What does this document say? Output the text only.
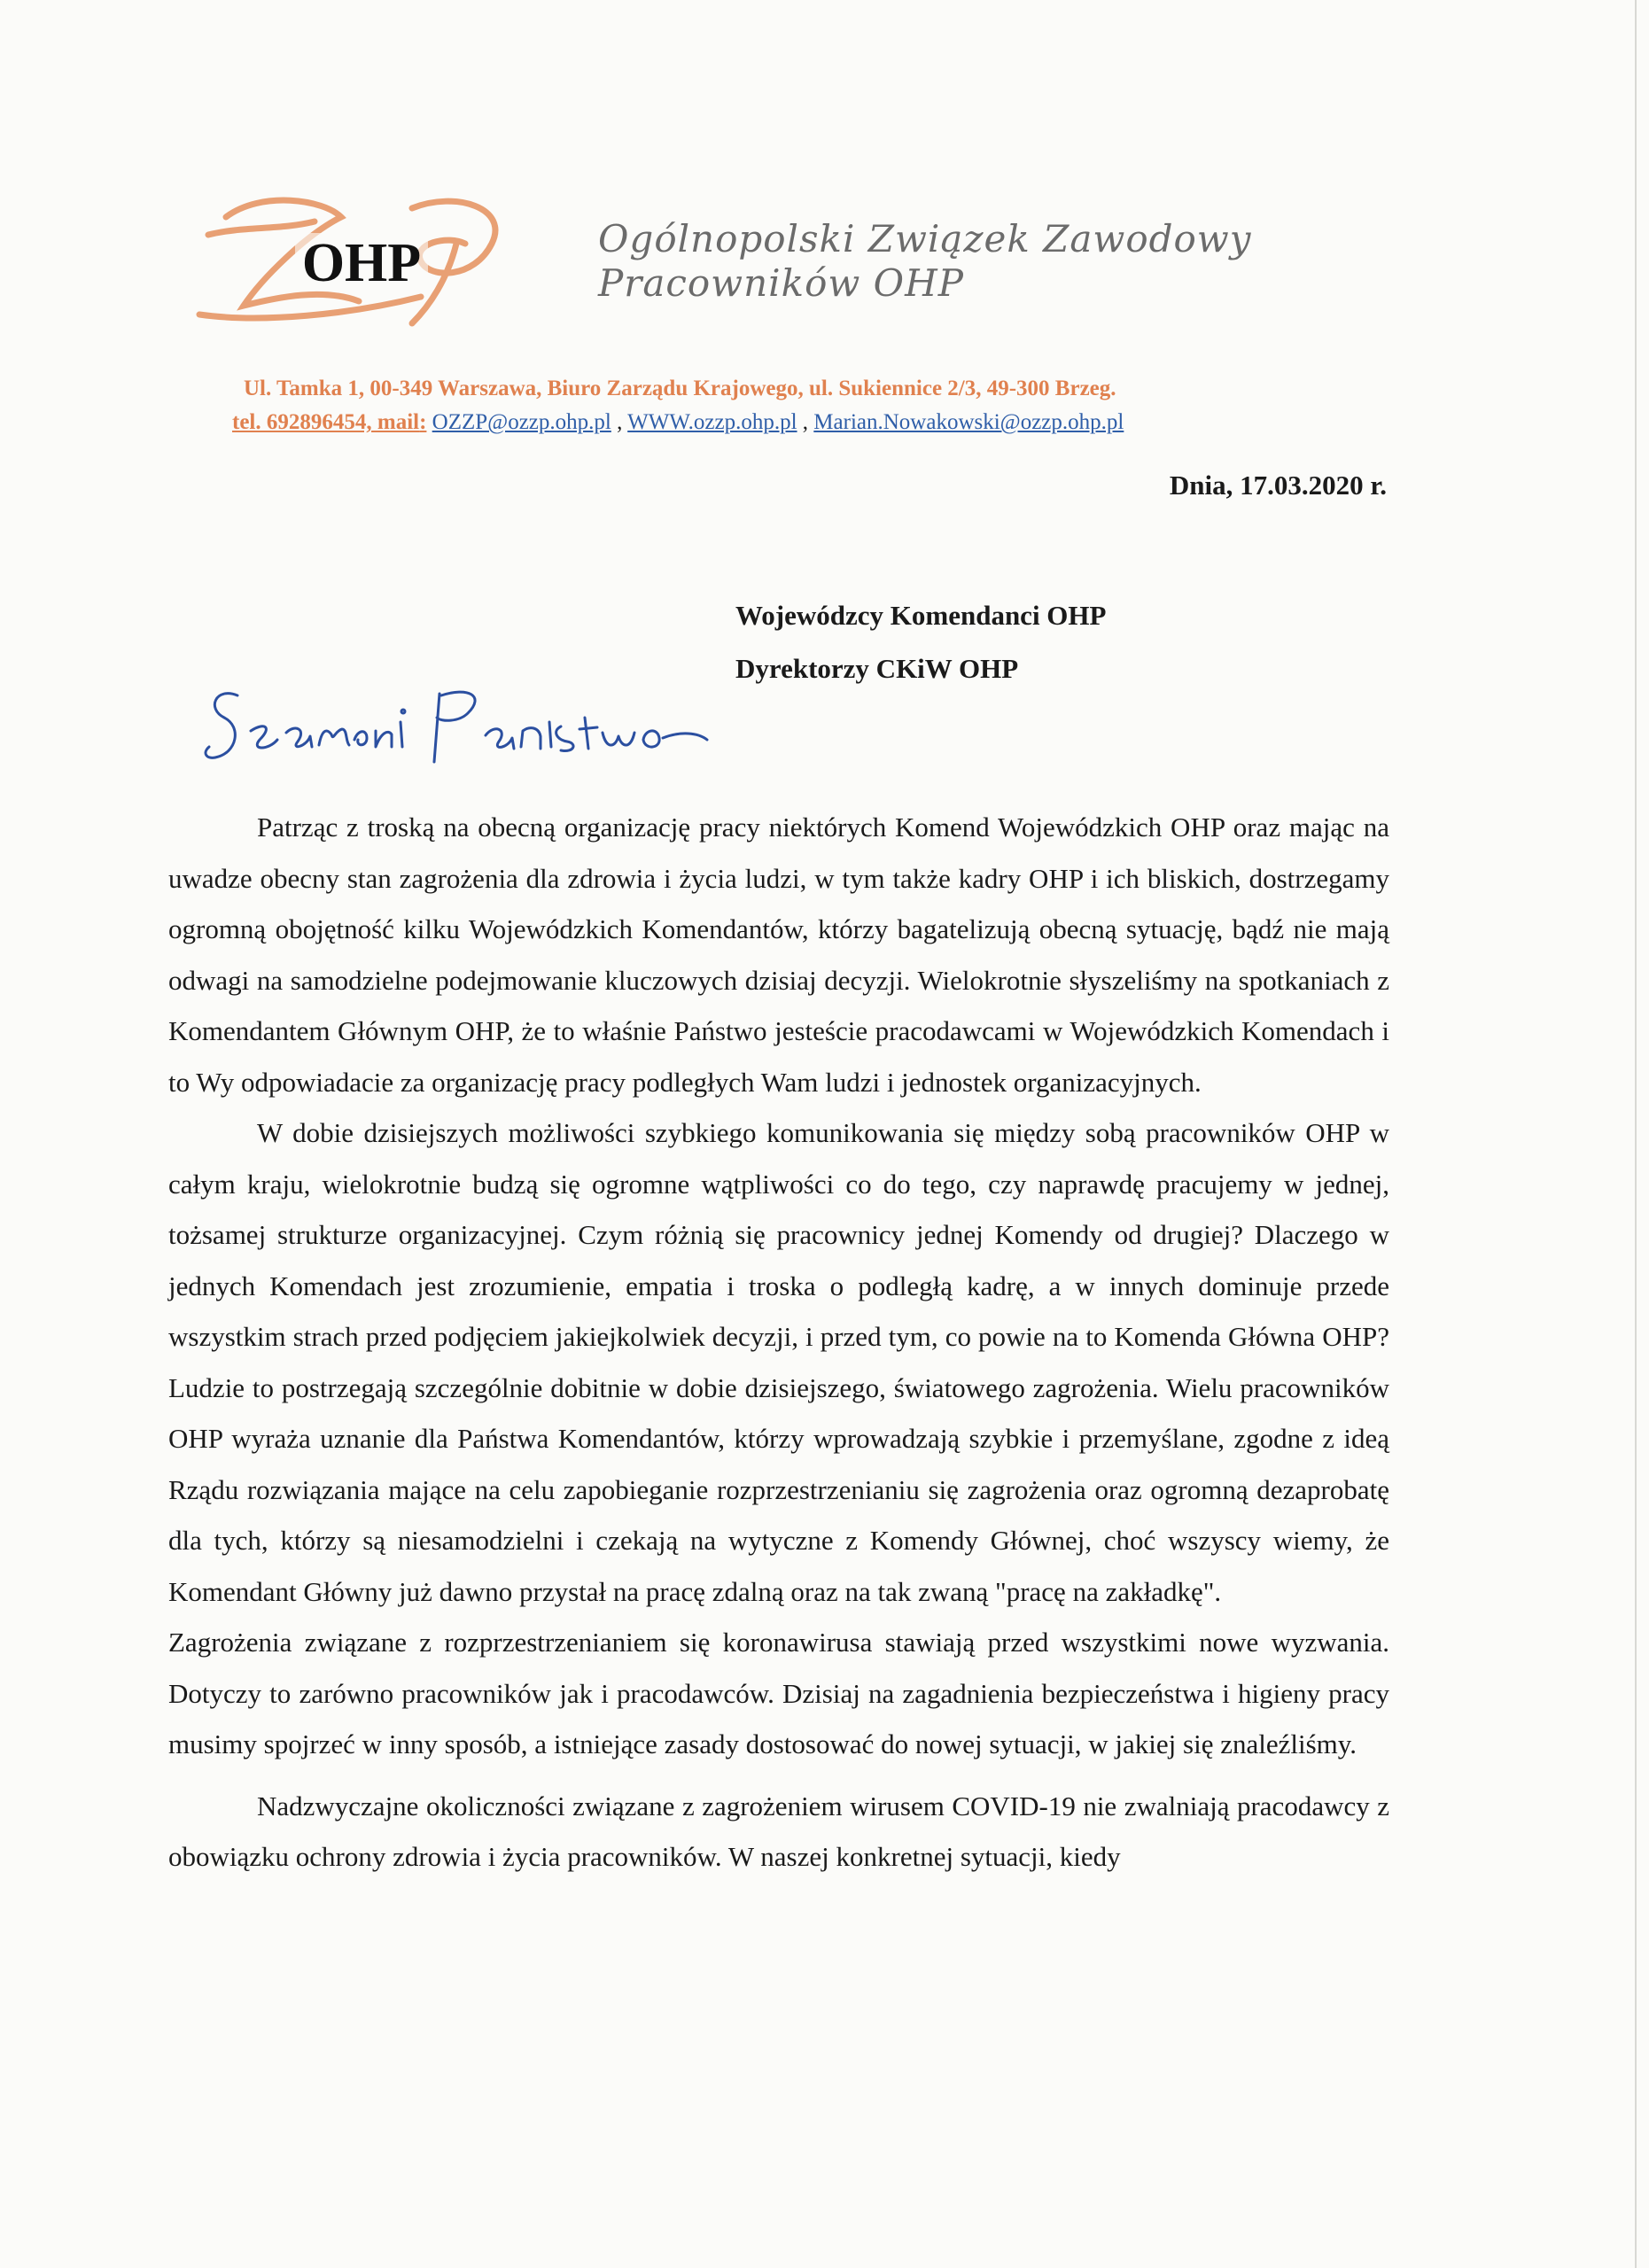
OHP	Ogólnopolski Związek Zawodowy
Pracowników OHP
Ul. Tamka 1, 00-349 Warszawa, Biuro Zarządu Krajowego, ul. Sukiennice 2/3, 49-300 Brzeg.
tel. 692896454, mail: OZZP@ozzp.ohp.pl , WWW.ozzp.ohp.pl , Marian.Nowakowski@ozzp.ohp.pl
Dnia, 17.03.2020 r.
Wojewódzcy Komendanci OHP
Dyrektorzy CKiW OHP

Patrząc z troską na obecną organizację pracy niektórych Komend Wojewódzkich OHP oraz mając na uwadze obecny stan zagrożenia dla zdrowia i życia ludzi, w tym także kadry OHP i ich bliskich, dostrzegamy ogromną obojętność kilku Wojewódzkich Komendantów, którzy bagatelizują obecną sytuację, bądź nie mają odwagi na samodzielne podejmowanie kluczowych dzisiaj decyzji. Wielokrotnie słyszeliśmy na spotkaniach z Komendantem Głównym OHP, że to właśnie Państwo jesteście pracodawcami w Wojewódzkich Komendach i to Wy odpowiadacie za organizację pracy podległych Wam ludzi i jednostek organizacyjnych.

W dobie dzisiejszych możliwości szybkiego komunikowania się między sobą pracowników OHP w całym kraju, wielokrotnie budzą się ogromne wątpliwości co do tego, czy naprawdę pracujemy w jednej, tożsamej strukturze organizacyjnej. Czym różnią się pracownicy jednej Komendy od drugiej? Dlaczego w jednych Komendach jest zrozumienie, empatia i troska o podległą kadrę, a w innych dominuje przede wszystkim strach przed podjęciem jakiejkolwiek decyzji, i przed tym, co powie na to Komenda Główna OHP? Ludzie to postrzegają szczególnie dobitnie w dobie dzisiejszego, światowego zagrożenia. Wielu pracowników OHP wyraża uznanie dla Państwa Komendantów, którzy wprowadzają szybkie i przemyślane, zgodne z ideą Rządu rozwiązania mające na celu zapobieganie rozprzestrzenianiu się zagrożenia oraz ogromną dezaprobatę dla tych, którzy są niesamodzielni i czekają na wytyczne z Komendy Głównej, choć wszyscy wiemy, że Komendant Główny już dawno przystał na pracę zdalną oraz na tak zwaną "pracę na zakładkę".

Zagrożenia związane z rozprzestrzenianiem się koronawirusa stawiają przed wszystkimi nowe wyzwania. Dotyczy to zarówno pracowników jak i pracodawców. Dzisiaj na zagadnienia bezpieczeństwa i higieny pracy musimy spojrzeć w inny sposób, a istniejące zasady dostosować do nowej sytuacji, w jakiej się znaleźliśmy.

Nadzwyczajne okoliczności związane z zagrożeniem wirusem COVID-19 nie zwalniają pracodawcy z obowiązku ochrony zdrowia i życia pracowników. W naszej konkretnej sytuacji, kiedy
